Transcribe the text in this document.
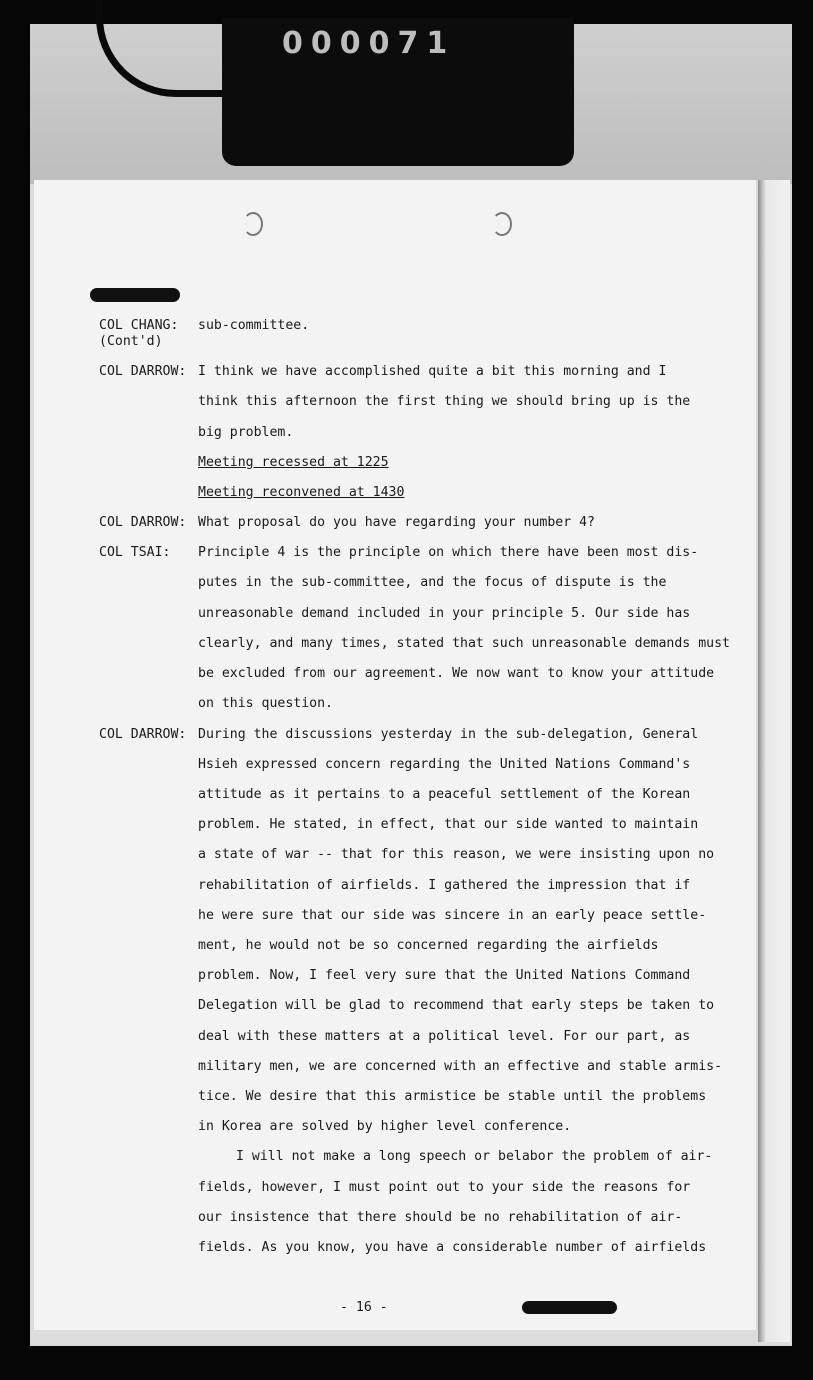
000071
COL CHANG:
(Cont'd)
sub-committee.
COL DARROW: I think we have accomplished quite a bit this morning and I
think this afternoon the first thing we should bring up is the
big problem.
Meeting recessed at 1225
Meeting reconvened at 1430
COL DARROW: What proposal do you have regarding your number 4?
COL TSAI: Principle 4 is the principle on which there have been most dis-
putes in the sub-committee, and the focus of dispute is the
unreasonable demand included in your principle 5. Our side has
clearly, and many times, stated that such unreasonable demands must
be excluded from our agreement. We now want to know your attitude
on this question.
COL DARROW: During the discussions yesterday in the sub-delegation, General
Hsieh expressed concern regarding the United Nations Command's
attitude as it pertains to a peaceful settlement of the Korean
problem. He stated, in effect, that our side wanted to maintain
a state of war -- that for this reason, we were insisting upon no
rehabilitation of airfields. I gathered the impression that if
he were sure that our side was sincere in an early peace settle-
ment, he would not be so concerned regarding the airfields
problem. Now, I feel very sure that the United Nations Command
Delegation will be glad to recommend that early steps be taken to
deal with these matters at a political level. For our part, as
military men, we are concerned with an effective and stable armis-
tice. We desire that this armistice be stable until the problems
in Korea are solved by higher level conference.
I will not make a long speech or belabor the problem of air-
fields, however, I must point out to your side the reasons for
our insistence that there should be no rehabilitation of air-
fields. As you know, you have a considerable number of airfields
- 16 -
